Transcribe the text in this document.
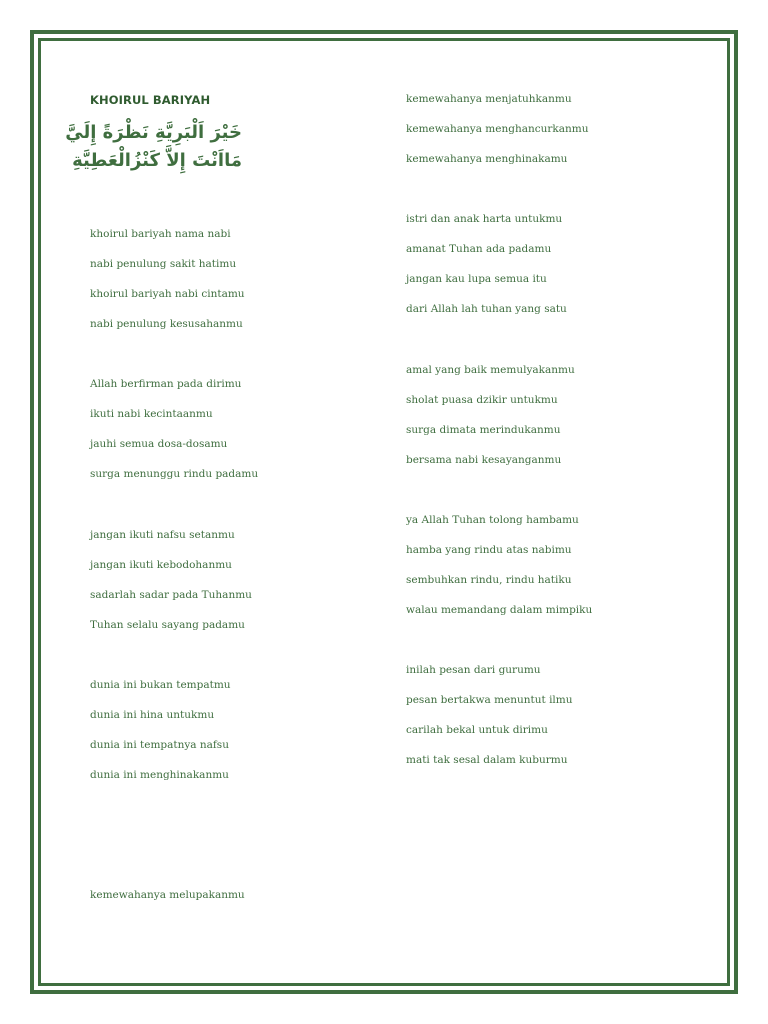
KHOIRUL BARIYAH

خَيْرَ اَلْبَرِيَّةِ نَظْرَةً إِلَيَّ

مَااَنْتَ إِلاَّ كَنْزُالْعَطِيَّةِ

khoirul bariyah nama nabi

nabi penulung sakit hatimu

khoirul bariyah nabi cintamu

nabi penulung kesusahanmu

Allah berfirman pada dirimu

ikuti nabi kecintaanmu

jauhi semua dosa-dosamu

surga menunggu rindu padamu

jangan ikuti nafsu setanmu

jangan ikuti kebodohanmu

sadarlah sadar pada Tuhanmu

Tuhan selalu sayang padamu

dunia ini bukan tempatmu

dunia ini hina untukmu

dunia ini tempatnya nafsu

dunia ini menghinakanmu

kemewahanya melupakanmu

kemewahanya menjatuhkanmu

kemewahanya menghancurkanmu

kemewahanya menghinakamu

istri dan anak harta untukmu

amanat Tuhan ada padamu

jangan kau lupa semua itu

dari Allah lah tuhan yang satu

amal yang baik memulyakanmu

sholat puasa dzikir untukmu

surga dimata merindukanmu

bersama nabi kesayanganmu

ya Allah Tuhan tolong hambamu

hamba yang rindu atas nabimu

sembuhkan rindu, rindu hatiku

walau memandang dalam mimpiku

inilah pesan dari gurumu

pesan bertakwa menuntut ilmu

carilah bekal untuk dirimu

mati tak sesal dalam kuburmu
